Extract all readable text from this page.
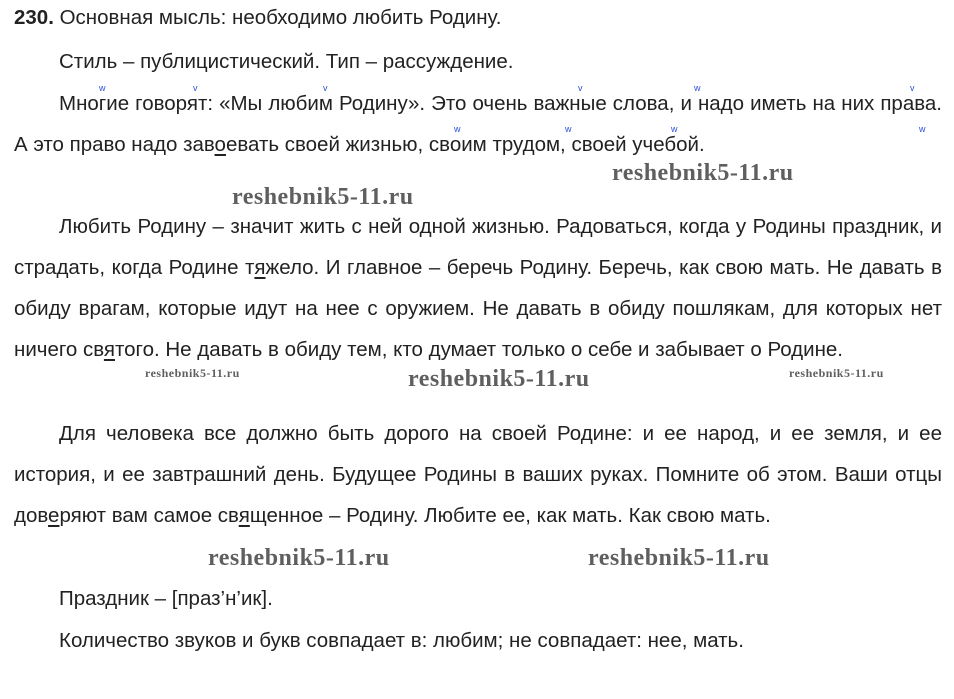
230. Основная мысль: необходимо любить Родину.
Стиль – публицистический. Тип – рассуждение.

Многие говорят: «Мы любим Родину». Это очень важные слова, и надо иметь на них права. А это право надо завоевать своей жизнью, своим трудом, своей учебой.

Любить Родину – значит жить с ней одной жизнью. Радоваться, когда у Родины праздник, и страдать, когда Родине тяжело. И главное – беречь Родину. Беречь, как свою мать. Не давать в обиду врагам, которые идут на нее с оружием. Не давать в обиду пошлякам, для которых нет ничего святого. Не давать в обиду тем, кто думает только о себе и забывает о Родине.

Для человека все должно быть дорого на своей Родине: и ее народ, и ее земля, и ее история, и ее завтрашний день. Будущее Родины в ваших руках. Помните об этом. Ваши отцы доверяют вам самое священное – Родину. Любите ее, как мать. Как свою мать.

Праздник – [праз’н’ик].
Количество звуков и букв совпадает в: любим; не совпадает: нее, мать.
w	v	v	v	w	v
w	w	w	w
reshebnik5-11.ru
reshebnik5-11.ru
reshebnik5-11.ru	reshebnik5-11.ru	reshebnik5-11.ru
reshebnik5-11.ru	reshebnik5-11.ru
